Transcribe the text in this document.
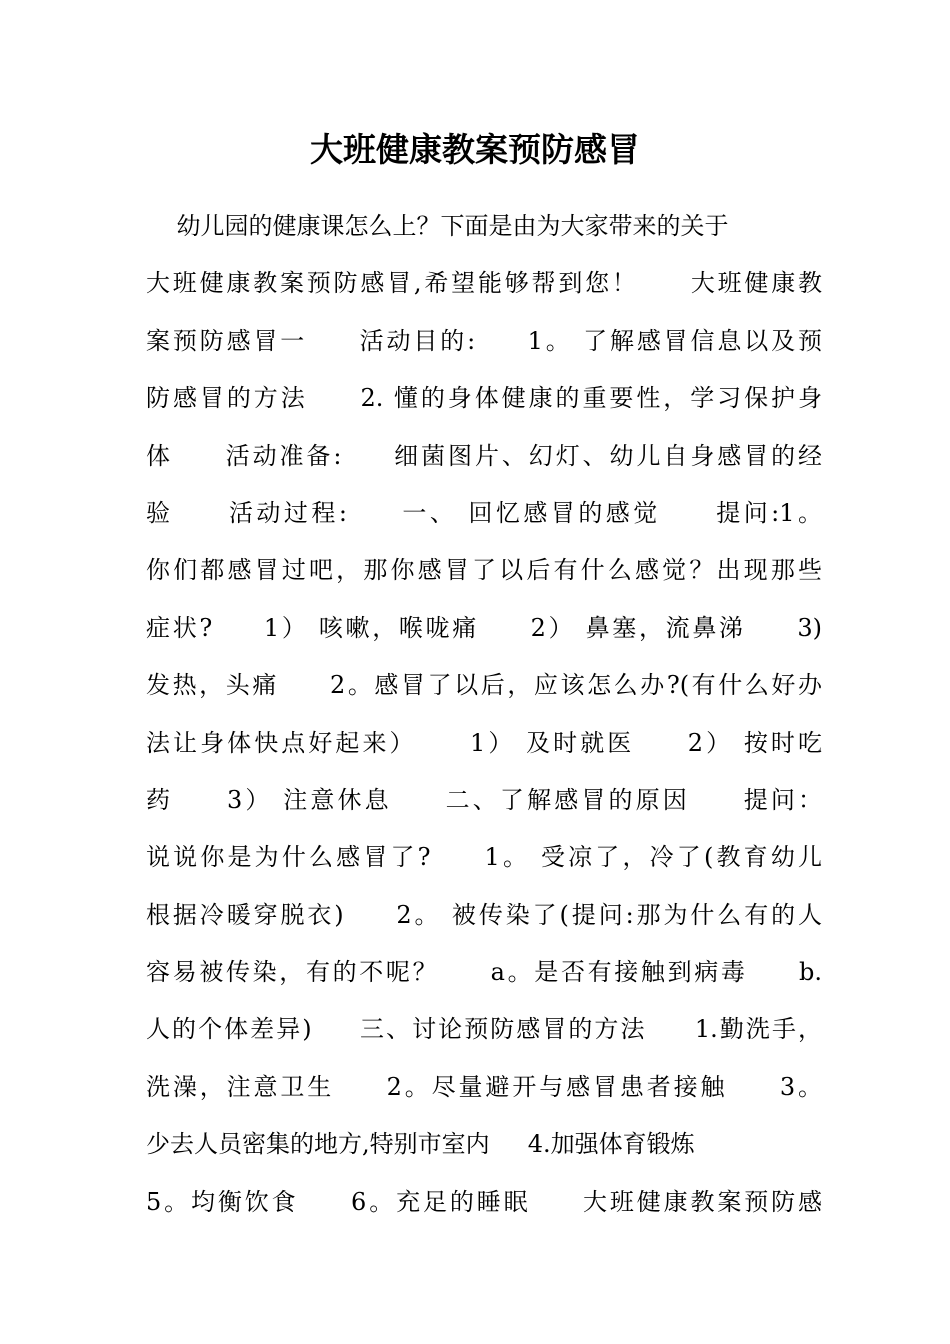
大班健康教案预防感冒
幼儿园的健康课怎么上？下面是由为大家带来的关于
大班健康教案预防感冒,希望能够帮到您！     大班健康教
案预防感冒一     活动目的:     1。 了解感冒信息以及预
防感冒的方法     2. 懂的身体健康的重要性，学习保护身
体     活动准备:     细菌图片、幻灯、幼儿自身感冒的经
验     活动过程:     一、 回忆感冒的感觉     提问:1。
你们都感冒过吧，那你感冒了以后有什么感觉？出现那些
症状?     1） 咳嗽，喉咙痛     2） 鼻塞，流鼻涕     3)
发热，头痛     2。感冒了以后，应该怎么办?(有什么好办
法让身体快点好起来）     1） 及时就医     2） 按时吃
药     3） 注意休息     二、了解感冒的原因     提问：
说说你是为什么感冒了?     1。 受凉了，冷了(教育幼儿
根据冷暖穿脱衣)     2。 被传染了(提问:那为什么有的人
容易被传染，有的不呢？     a。是否有接触到病毒     b.
人的个体差异)     三、讨论预防感冒的方法     1.勤洗手，
洗澡，注意卫生     2。尽量避开与感冒患者接触     3。
少去人员密集的地方,特别市室内     4.加强体育锻炼
5。均衡饮食     6。充足的睡眠     大班健康教案预防感
